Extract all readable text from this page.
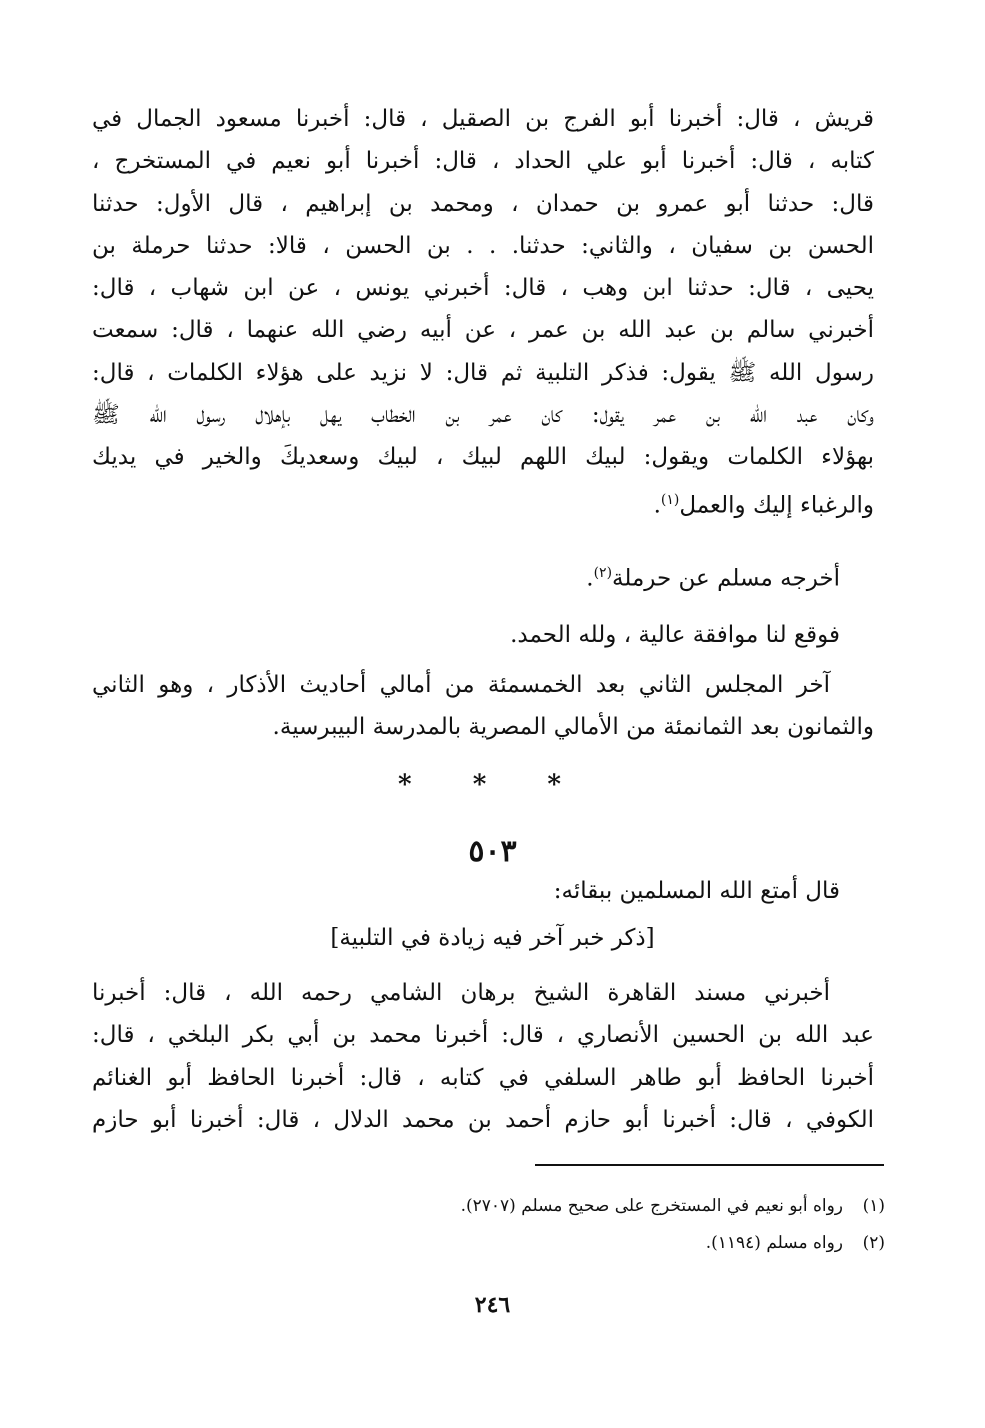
قريش ، قال: أخبرنا أبو الفرج بن الصقيل ، قال: أخبرنا مسعود الجمال في
كتابه ، قال: أخبرنا أبو علي الحداد ، قال: أخبرنا أبو نعيم في المستخرج ،
قال: حدثنا أبو عمرو بن حمدان ، ومحمد بن إبراهيم ، قال الأول: حدثنا
الحسن بن سفيان ، والثاني: حدثنا. . . بن الحسن ، قالا: حدثنا حرملة بن
يحيى ، قال: حدثنا ابن وهب ، قال: أخبرني يونس ، عن ابن شهاب ، قال:
أخبرني سالم بن عبد الله بن عمر ، عن أبيه رضي الله عنهما ، قال: سمعت
رسول الله ﷺ يقول: فذكر التلبية ثم قال: لا نزيد على هؤلاء الكلمات ، قال:
وكان عبد الله بن عمر يقول: كان عمر بن الخطاب يهل بإهلال رسول الله ﷺ
بهؤلاء الكلمات ويقول: لبيك اللهم لبيك ، لبيك وسعديكَ والخير في يديك
والرغباء إليك والعمل$^{(١)}$.
أخرجه مسلم عن حرملة$^{(٢)}$.
فوقع لنا موافقة عالية ، ولله الحمد.
آخر المجلس الثاني بعد الخمسمئة من أمالي أحاديث الأذكار ، وهو الثاني
والثمانون بعد الثمانمئة من الأمالي المصرية بالمدرسة البيبرسية.
* * *
٥٠٣
قال أمتع الله المسلمين ببقائه:
[ذكر خبر آخر فيه زيادة في التلبية]
أخبرني مسند القاهرة الشيخ برهان الشامي رحمه الله ، قال: أخبرنا
عبد الله بن الحسين الأنصاري ، قال: أخبرنا محمد بن أبي بكر البلخي ، قال:
أخبرنا الحافظ أبو طاهر السلفي في كتابه ، قال: أخبرنا الحافظ أبو الغنائم
الكوفي ، قال: أخبرنا أبو حازم أحمد بن محمد الدلال ، قال: أخبرنا أبو حازم
(١)رواه أبو نعيم في المستخرج على صحيح مسلم (٢٧٠٧).
(٢)رواه مسلم (١١٩٤).
٢٤٦
